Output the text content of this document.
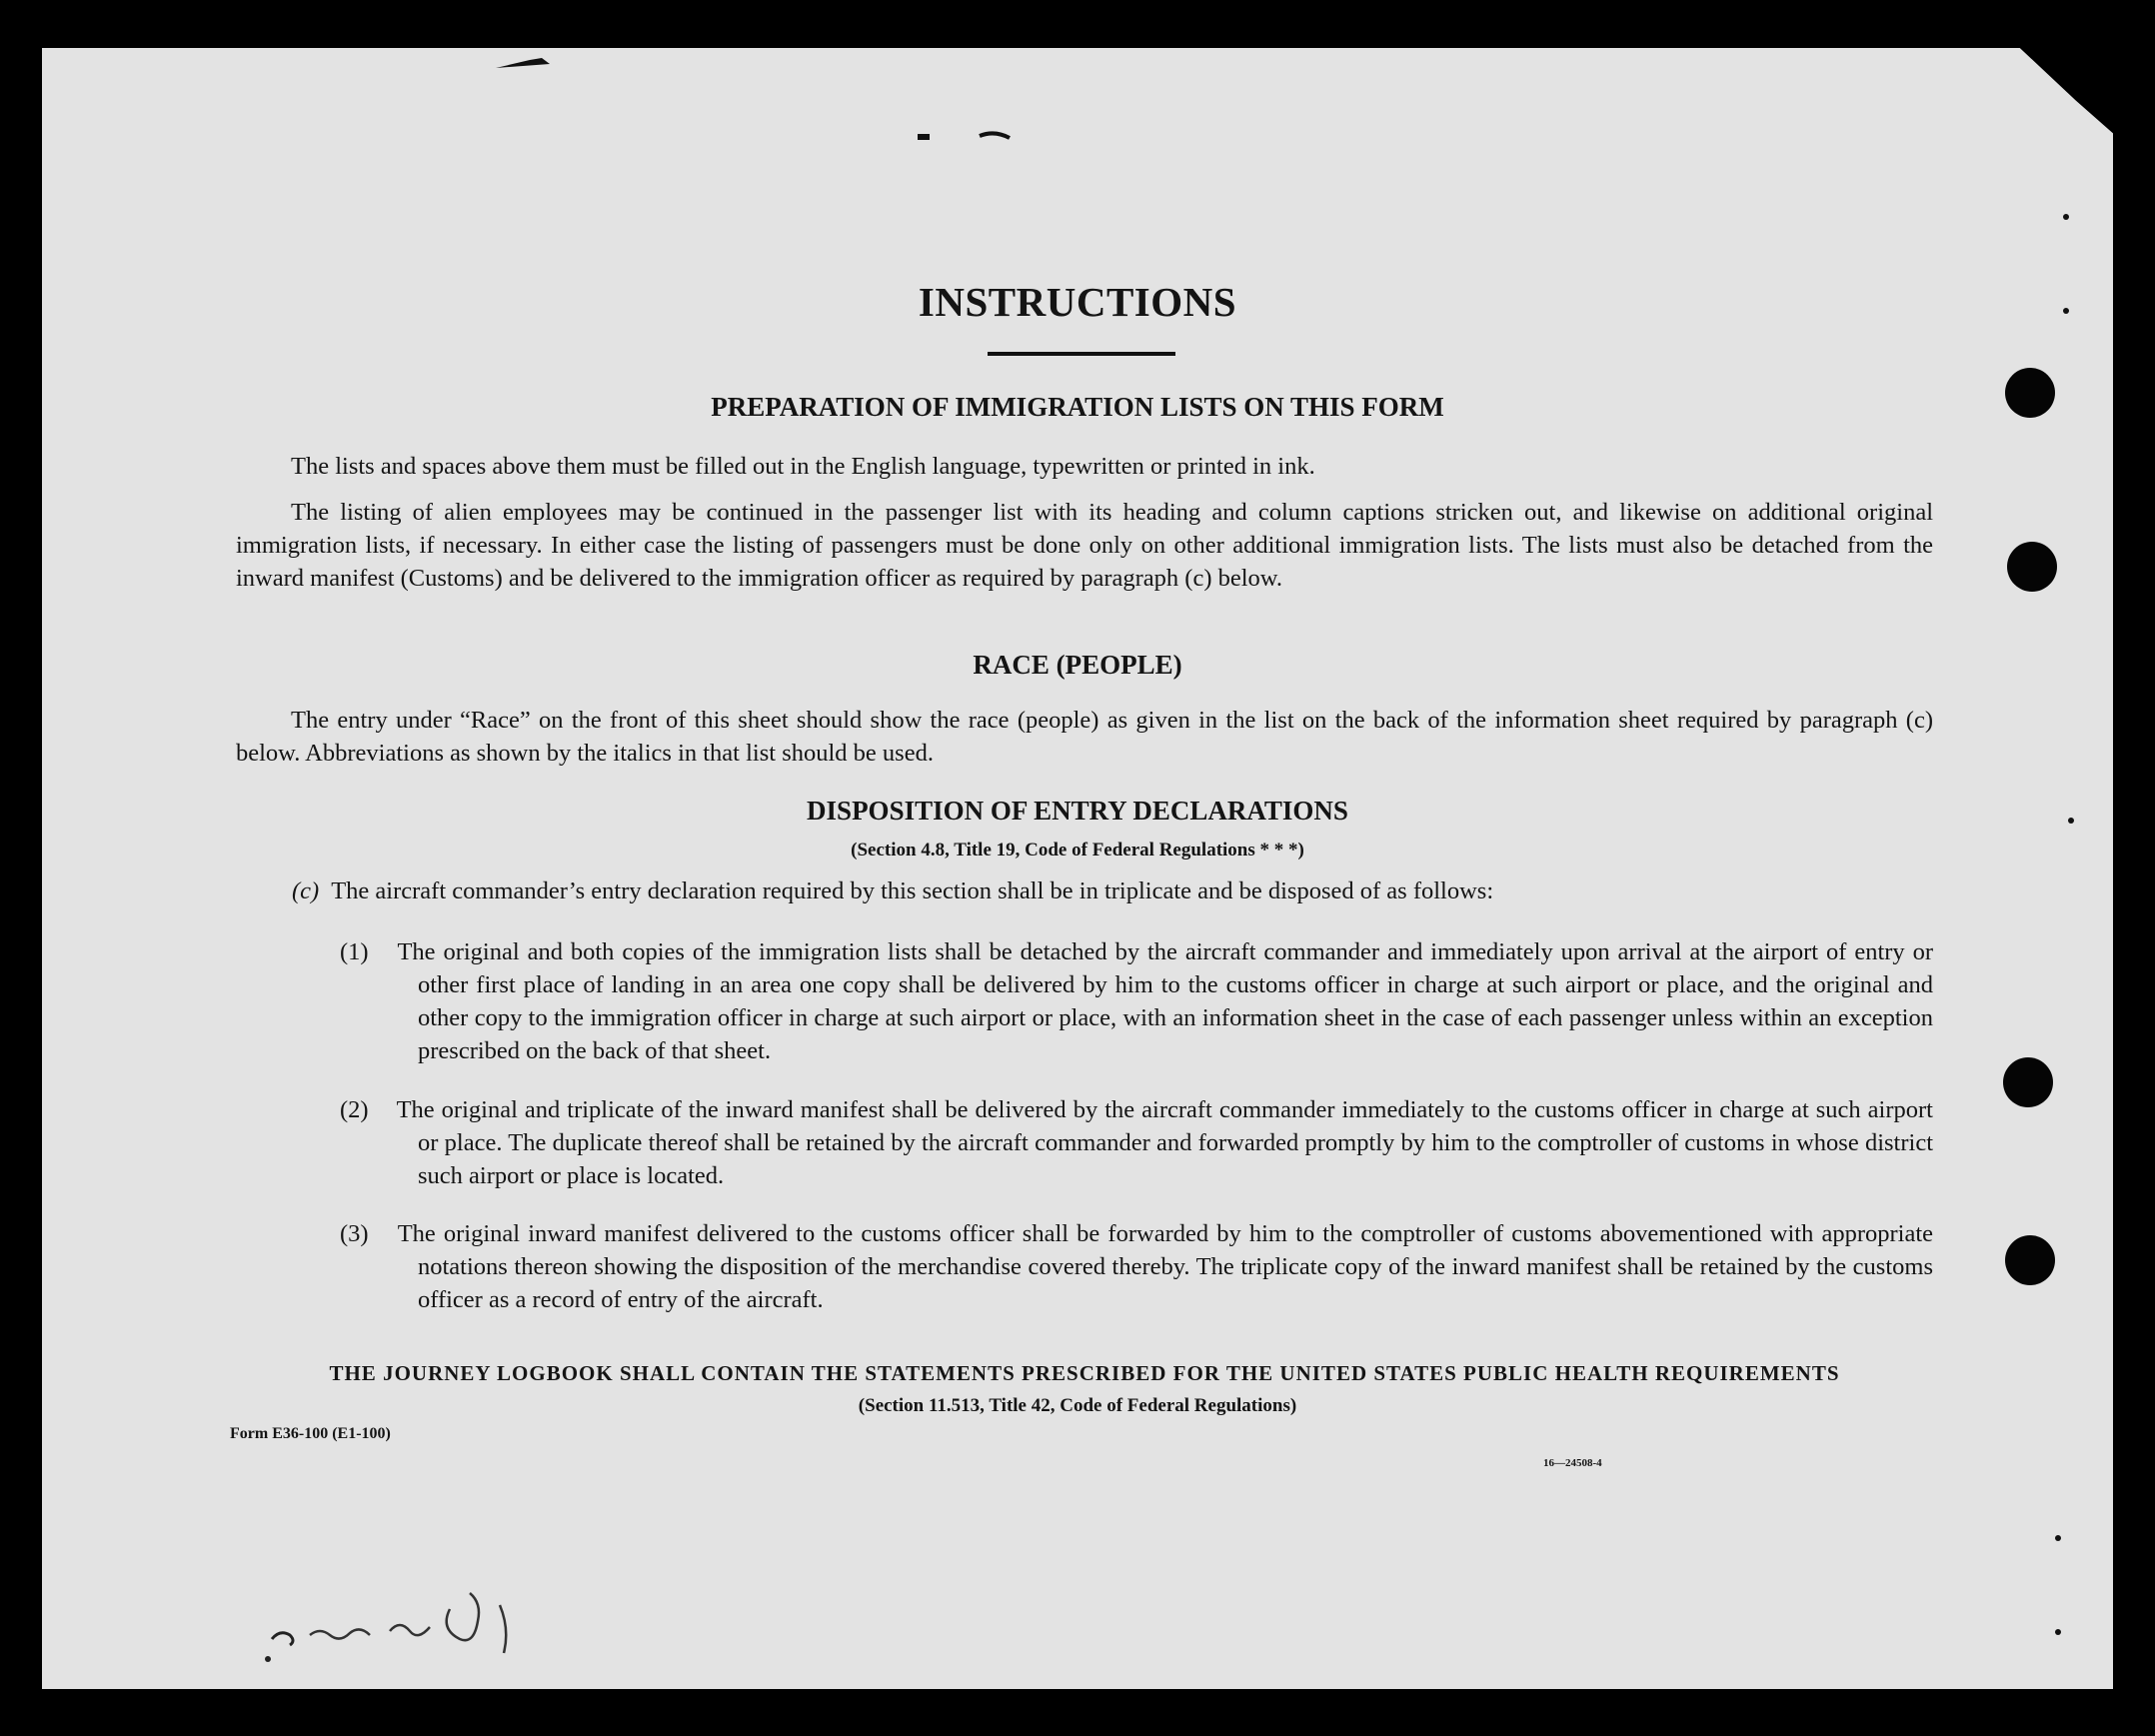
INSTRUCTIONS
PREPARATION OF IMMIGRATION LISTS ON THIS FORM
The lists and spaces above them must be filled out in the English language, typewritten or printed in ink.
The listing of alien employees may be continued in the passenger list with its heading and column captions stricken out, and likewise on additional original immigration lists, if necessary. In either case the listing of passengers must be done only on other additional immigration lists. The lists must also be detached from the inward manifest (Customs) and be delivered to the immigration officer as required by paragraph (c) below.
RACE (PEOPLE)
The entry under “Race” on the front of this sheet should show the race (people) as given in the list on the back of the information sheet required by paragraph (c) below. Abbreviations as shown by the italics in that list should be used.
DISPOSITION OF ENTRY DECLARATIONS
(Section 4.8, Title 19, Code of Federal Regulations * * *)
(c) The aircraft commander’s entry declaration required by this section shall be in triplicate and be disposed of as follows:
(1) The original and both copies of the immigration lists shall be detached by the aircraft commander and immediately upon arrival at the airport of entry or other first place of landing in an area one copy shall be delivered by him to the customs officer in charge at such airport or place, and the original and other copy to the immigration officer in charge at such airport or place, with an information sheet in the case of each passenger unless within an exception prescribed on the back of that sheet.
(2) The original and triplicate of the inward manifest shall be delivered by the aircraft commander immediately to the customs officer in charge at such airport or place. The duplicate thereof shall be retained by the aircraft commander and forwarded promptly by him to the comptroller of customs in whose district such airport or place is located.
(3) The original inward manifest delivered to the customs officer shall be forwarded by him to the comptroller of customs abovementioned with appropriate notations thereon showing the disposition of the merchandise covered thereby. The triplicate copy of the inward manifest shall be retained by the customs officer as a record of entry of the aircraft.
THE JOURNEY LOGBOOK SHALL CONTAIN THE STATEMENTS PRESCRIBED FOR THE UNITED STATES PUBLIC HEALTH REQUIREMENTS
(Section 11.513, Title 42, Code of Federal Regulations)
Form E36-100 (E1-100)
16—24508-4
